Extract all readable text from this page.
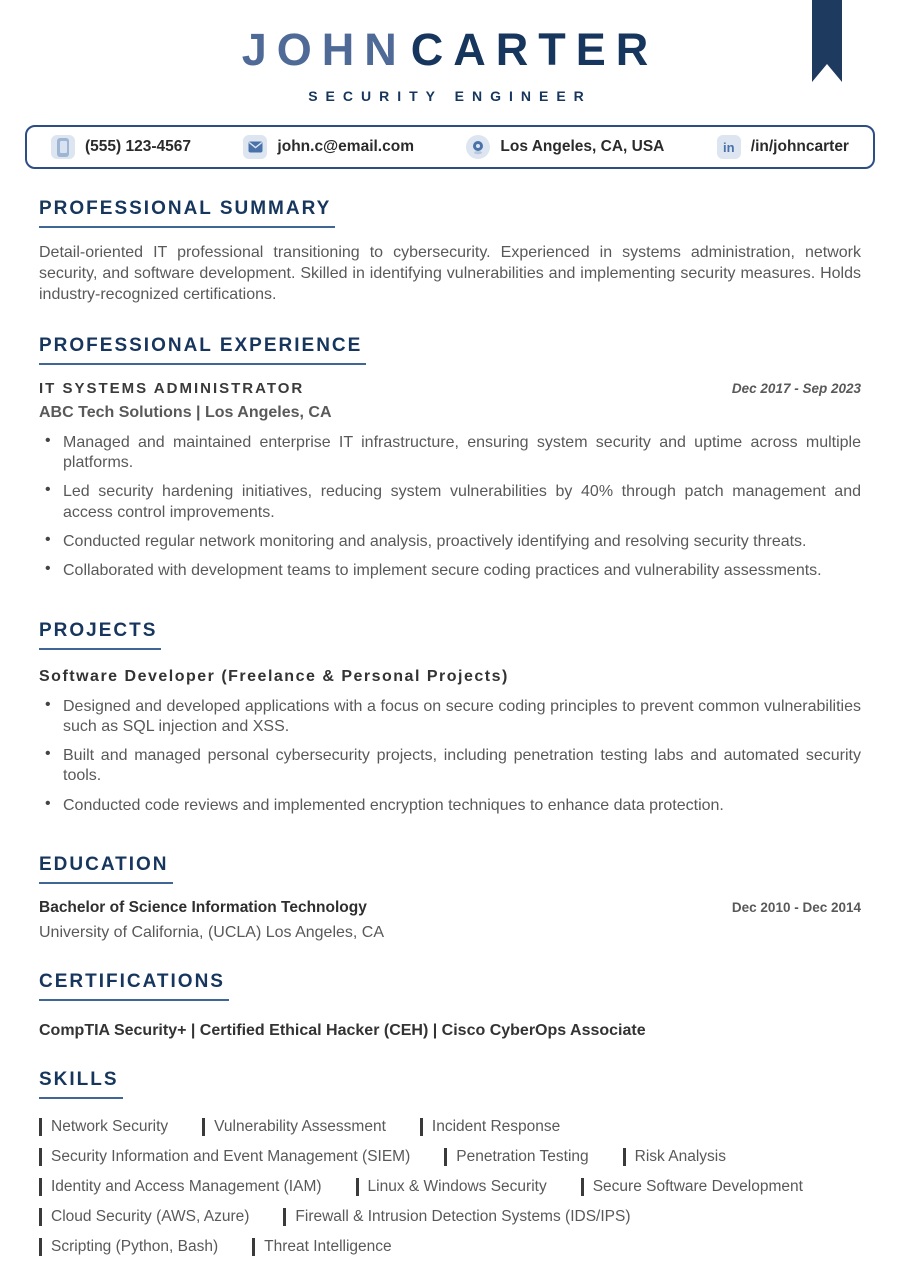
JOHNCARTER
SECURITY ENGINEER
(555) 123-4567	john.c@email.com	Los Angeles, CA, USA	in /in/johncarter
PROFESSIONAL SUMMARY

Detail-oriented IT professional transitioning to cybersecurity. Experienced in systems administration, network security, and software development. Skilled in identifying vulnerabilities and implementing security measures. Holds industry-recognized certifications.

PROFESSIONAL EXPERIENCE
IT SYSTEMS ADMINISTRATOR	Dec 2017 - Sep 2023
ABC Tech Solutions | Los Angeles, CA
• Managed and maintained enterprise IT infrastructure, ensuring system security and uptime across multiple platforms.
• Led security hardening initiatives, reducing system vulnerabilities by 40% through patch management and access control improvements.
• Conducted regular network monitoring and analysis, proactively identifying and resolving security threats.
• Collaborated with development teams to implement secure coding practices and vulnerability assessments.
PROJECTS
Software Developer (Freelance & Personal Projects)
• Designed and developed applications with a focus on secure coding principles to prevent common vulnerabilities such as SQL injection and XSS.
• Built and managed personal cybersecurity projects, including penetration testing labs and automated security tools.
• Conducted code reviews and implemented encryption techniques to enhance data protection.
EDUCATION
Bachelor of Science Information Technology	Dec 2010 - Dec 2014
University of California, (UCLA) Los Angeles, CA
CERTIFICATIONS
CompTIA Security+ | Certified Ethical Hacker (CEH) | Cisco CyberOps Associate
SKILLS
Network Security	Vulnerability Assessment	Incident Response
Security Information and Event Management (SIEM)	Penetration Testing	Risk Analysis
Identity and Access Management (IAM)	Linux & Windows Security	Secure Software Development
Cloud Security (AWS, Azure)	Firewall & Intrusion Detection Systems (IDS/IPS)
Scripting (Python, Bash)	Threat Intelligence
